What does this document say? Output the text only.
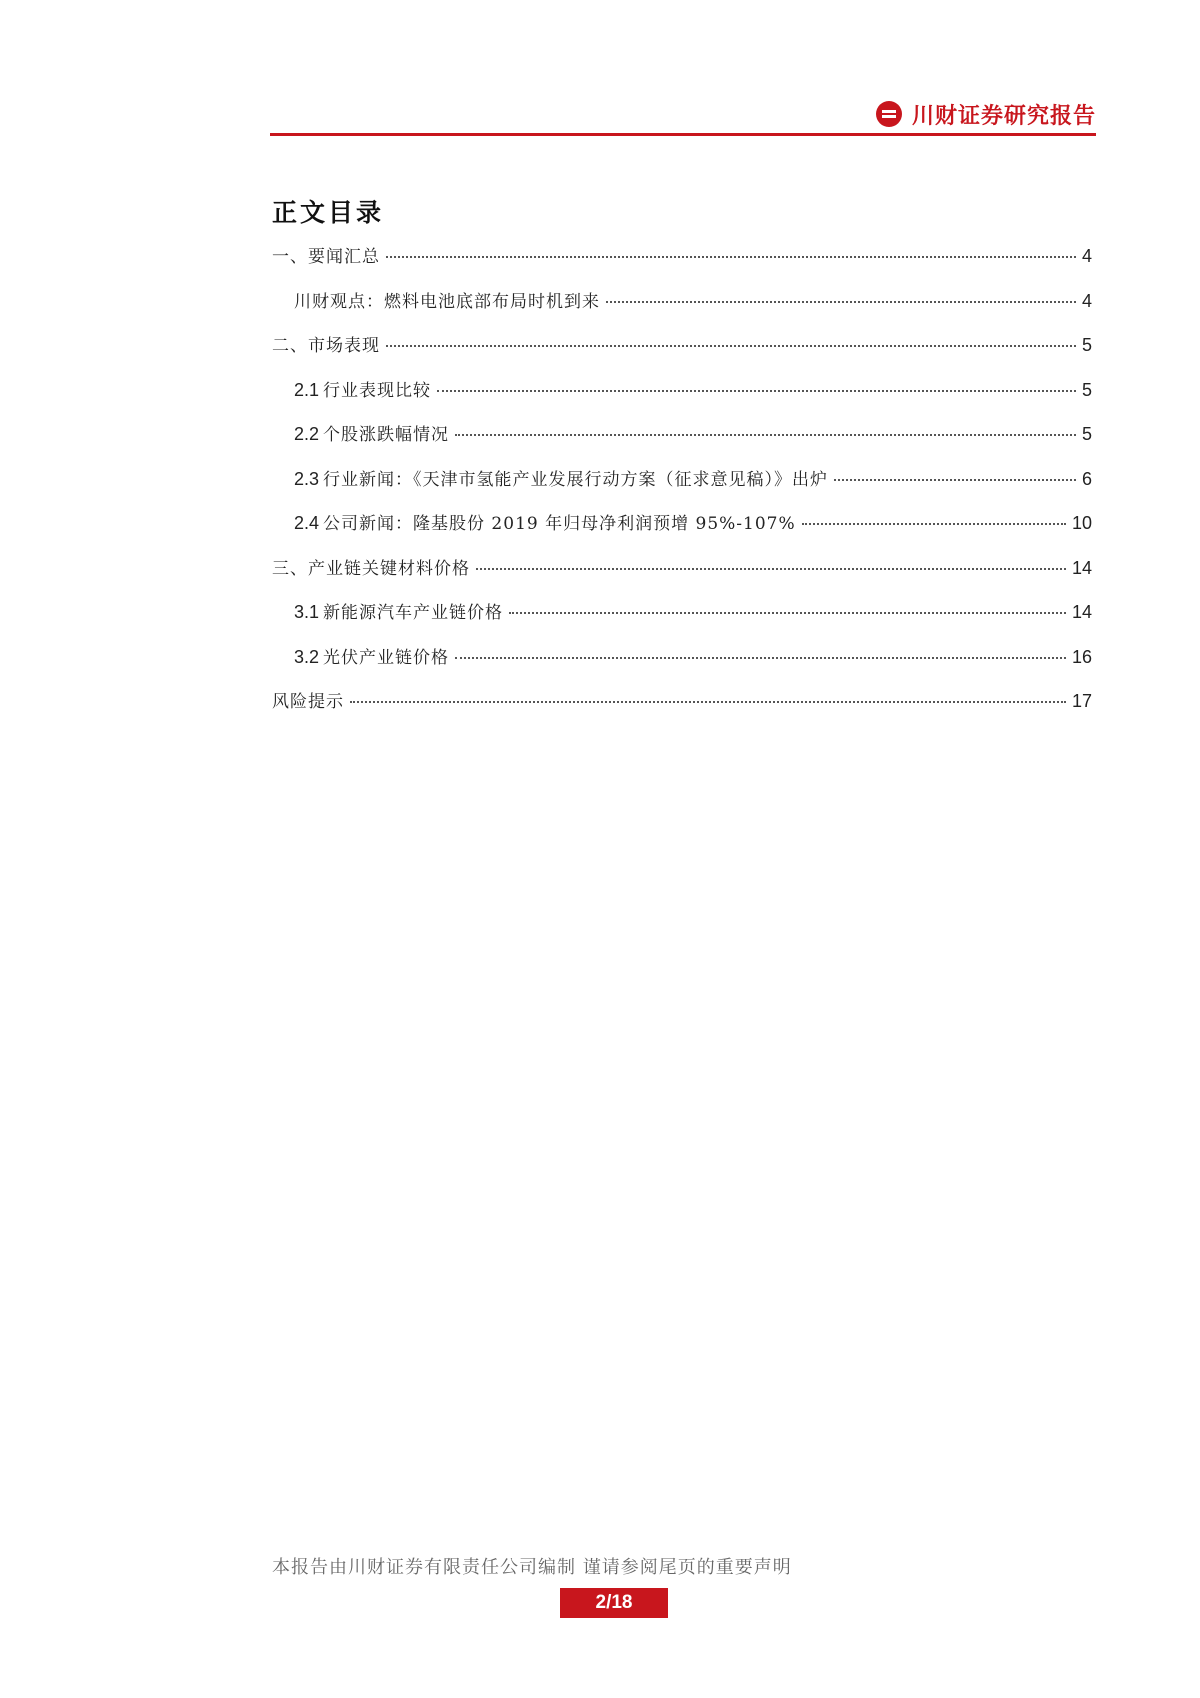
川财证券研究报告
正文目录
一、要闻汇总	4
川财观点：燃料电池底部布局时机到来	4
二、市场表现	5
2.1 行业表现比较	5
2.2 个股涨跌幅情况	5
2.3 行业新闻：《天津市氢能产业发展行动方案（征求意见稿）》出炉	6
2.4 公司新闻：隆基股份 2019 年归母净利润预增 95%-107%	10
三、产业链关键材料价格	14
3.1 新能源汽车产业链价格	14
3.2 光伏产业链价格	16
风险提示	17
本报告由川财证券有限责任公司编制 谨请参阅尾页的重要声明
2/18
